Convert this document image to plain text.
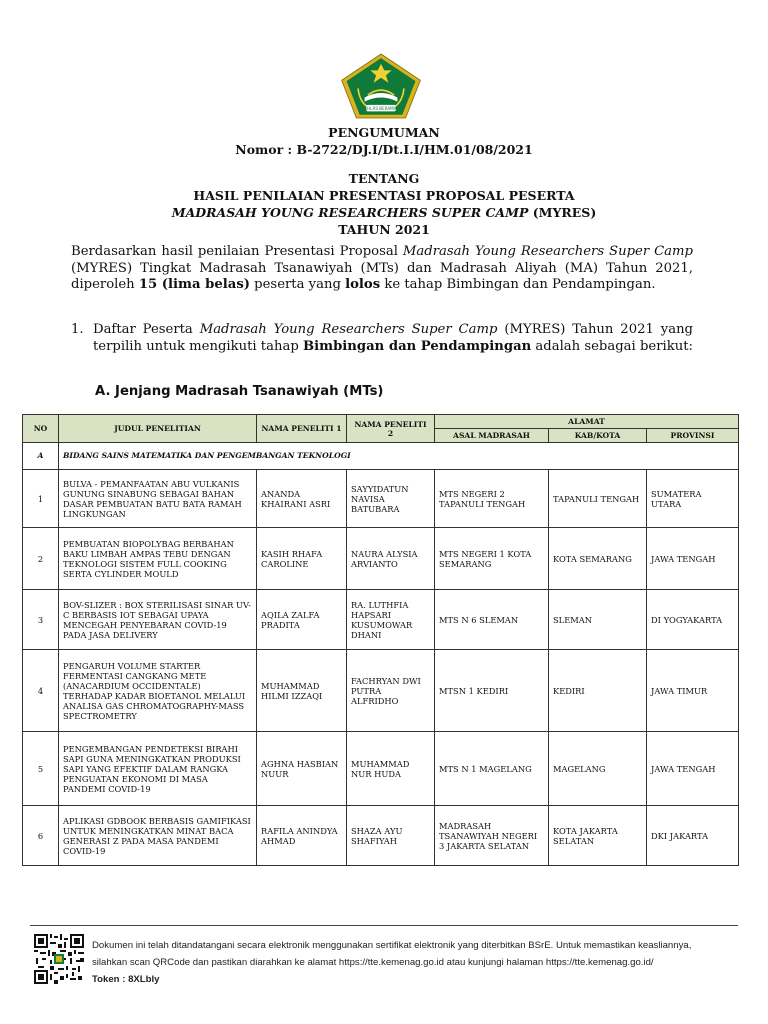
IKHLAS BERAMAL
PENGUMUMAN
Nomor : B-2722/DJ.I/Dt.I.I/HM.01/08/2021
TENTANG
HASIL PENILAIAN PRESENTASI PROPOSAL PESERTA
MADRASAH YOUNG RESEARCHERS SUPER CAMP (MYRES)
TAHUN 2021
Berdasarkan hasil penilaian Presentasi Proposal Madrasah Young Researchers Super Camp (MYRES) Tingkat Madrasah Tsanawiyah (MTs) dan Madrasah Aliyah (MA) Tahun 2021, diperoleh 15 (lima belas) peserta yang lolos ke tahap Bimbingan dan Pendampingan.
1. Daftar Peserta Madrasah Young Researchers Super Camp (MYRES) Tahun 2021 yang terpilih untuk mengikuti tahap Bimbingan dan Pendampingan adalah sebagai berikut:
A. Jenjang Madrasah Tsanawiyah (MTs)
NO	JUDUL PENELITIAN	NAMA PENELITI 1	NAMA PENELITI 2	ALAMAT		
				ASAL MADRASAH	KAB/KOTA	PROVINSI
A	BIDANG SAINS MATEMATIKA DAN PENGEMBANGAN TEKNOLOGI					
1	BULVA - PEMANFAATAN ABU VULKANIS GUNUNG SINABUNG SEBAGAI BAHAN DASAR PEMBUATAN BATU BATA RAMAH LINGKUNGAN	ANANDA KHAIRANI ASRI	SAYYIDATUN NAVISA BATUBARA	MTS NEGERI 2 TAPANULI TENGAH	TAPANULI TENGAH	SUMATERA UTARA
2	PEMBUATAN BIOPOLYBAG BERBAHAN BAKU LIMBAH AMPAS TEBU DENGAN TEKNOLOGI SISTEM FULL COOKING SERTA CYLINDER MOULD	KASIH RHAFA CAROLINE	NAURA ALYSIA ARVIANTO	MTS NEGERI 1 KOTA SEMARANG	KOTA SEMARANG	JAWA TENGAH
3	BOV-SLIZER : BOX STERILISASI SINAR UV-C BERBASIS IOT SEBAGAI UPAYA MENCEGAH PENYEBARAN COVID-19 PADA JASA DELIVERY	AQILA ZALFA PRADITA	RA. LUTHFIA HAPSARI KUSUMOWAR DHANI	MTS N 6 SLEMAN	SLEMAN	DI YOGYAKARTA
4	PENGARUH VOLUME STARTER FERMENTASI CANGKANG METE (ANACARDIUM OCCIDENTALE) TERHADAP KADAR BIOETANOL MELALUI ANALISA GAS CHROMATOGRAPHY-MASS SPECTROMETRY	MUHAMMAD HILMI IZZAQI	FACHRYAN DWI PUTRA ALFRIDHO	MTSN 1 KEDIRI	KEDIRI	JAWA TIMUR
5	PENGEMBANGAN PENDETEKSI BIRAHI SAPI GUNA MENINGKATKAN PRODUKSI SAPI YANG EFEKTIF DALAM RANGKA PENGUATAN EKONOMI DI MASA PANDEMI COVID-19	AGHNA HASBIAN NUUR	MUHAMMAD NUR HUDA	MTS N 1 MAGELANG	MAGELANG	JAWA TENGAH
6	APLIKASI GDBOOK BERBASIS GAMIFIKASI UNTUK MENINGKATKAN MINAT BACA GENERASI Z PADA MASA PANDEMI COVID-19	RAFILA ANINDYA AHMAD	SHAZA AYU SHAFIYAH	MADRASAH TSANAWIYAH NEGERI 3 JAKARTA SELATAN	KOTA JAKARTA SELATAN	DKI JAKARTA
Dokumen ini telah ditandatangani secara elektronik menggunakan sertifikat elektronik yang diterbitkan BSrE. Untuk memastikan keasliannya,
silahkan scan QRCode dan pastikan diarahkan ke alamat https://tte.kemenag.go.id atau kunjungi halaman https://tte.kemenag.go.id/
Token : 8XLbly
